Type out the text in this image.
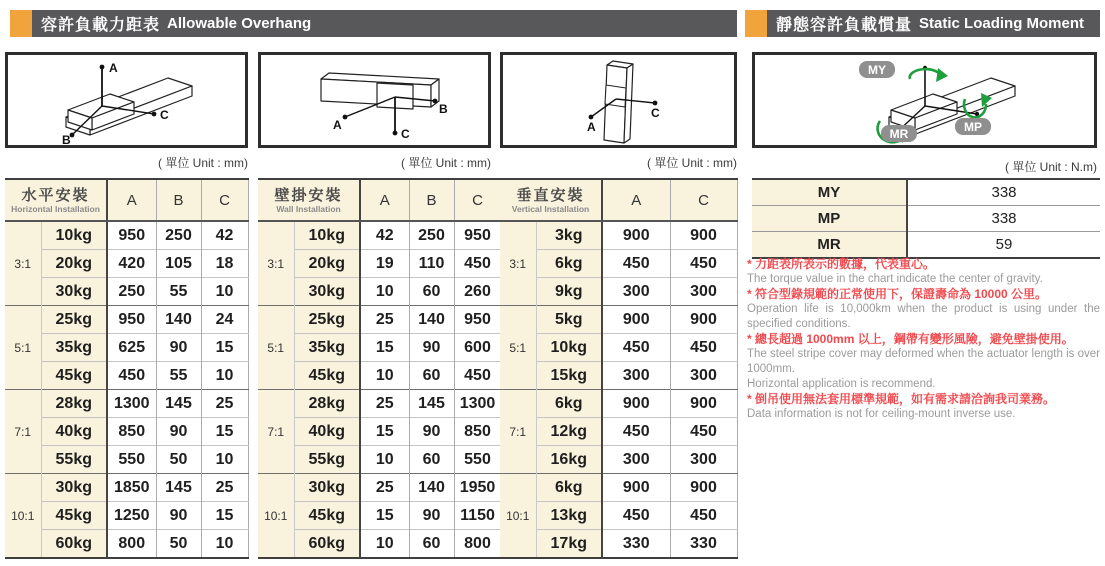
容許負載力距表 Allowable Overhang	靜態容許負載慣量 Static Loading Moment
A
B
C
( 單位 Unit : mm)
水平安裝
Horizontal Installation		A	B	C
3:1	10kg	950	250	42
	20kg	420	105	18
	30kg	250	55	10
5:1	25kg	950	140	24
	35kg	625	90	15
	45kg	450	55	10
7:1	28kg	1300	145	25
	40kg	850	90	15
	55kg	550	50	10
10:1	30kg	1850	145	25
	45kg	1250	90	15
	60kg	800	50	10
A
B
C
( 單位 Unit : mm)
壁掛安裝
Wall Installation		A	B	C
3:1	10kg	42	250	950
	20kg	19	110	450
	30kg	10	60	260
5:1	25kg	25	140	950
	35kg	15	90	600
	45kg	10	60	450
7:1	28kg	25	145	1300
	40kg	15	90	850
	55kg	10	60	550
10:1	30kg	25	140	1950
	45kg	15	90	1150
	60kg	10	60	800
A
C
( 單位 Unit : mm)
垂直安裝
Vertical Installation		A	C
3:1	3kg	900	900
	6kg	450	450
	9kg	300	300
5:1	5kg	900	900
	10kg	450	450
	15kg	300	300
7:1	6kg	900	900
	12kg	450	450
	16kg	300	300
10:1	6kg	900	900
	13kg	450	450
	17kg	330	330
MY
MP
MR
( 單位 Unit : N.m)
MY	338
MP	338
MR	59
* 力距表所表示的數據，代表重心。
The torque value in the chart indicate the center of gravity.
* 符合型錄規範的正常使用下，保證壽命為 10000 公里。
Operation life is 10,000km when the product is using under the specified conditions.
* 總長超過 1000mm 以上，鋼帶有變形風險，避免壁掛使用。
The steel stripe cover may deformed when the actuator length is over 1000mm.
Horizontal application is recommend.
* 倒吊使用無法套用標準規範，如有需求請洽詢我司業務。
Data information is not for ceiling-mount inverse use.
